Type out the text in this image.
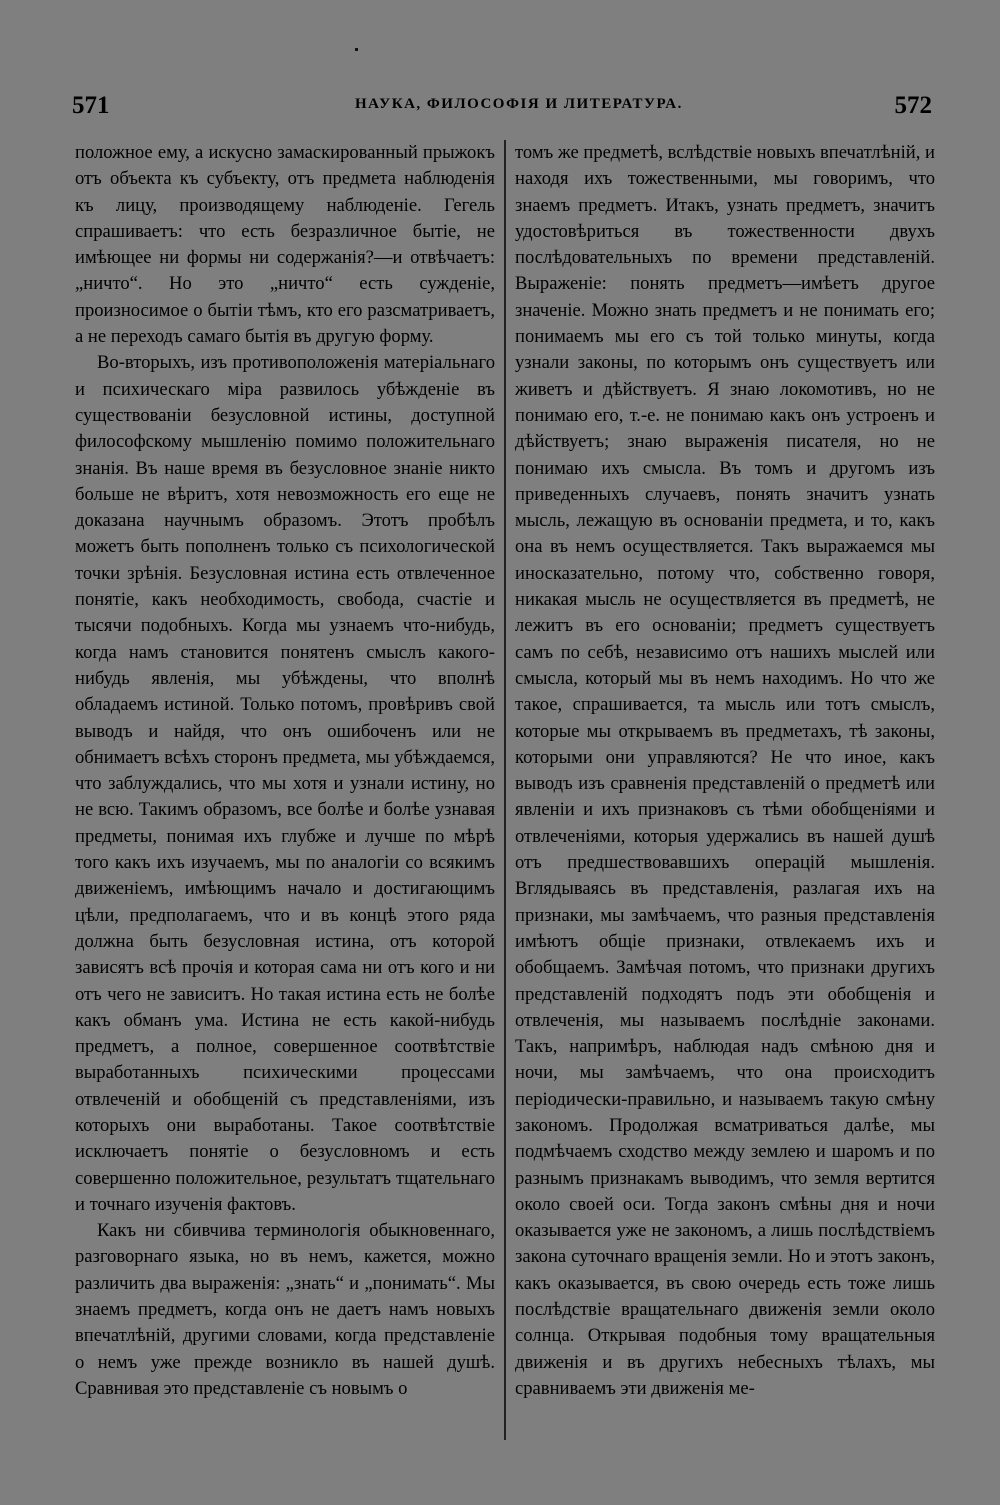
571	НАУКА, ФИЛОСОФІЯ И ЛИТЕРАТУРА.	572

положное ему, а искусно замаскированный прыжокъ отъ объекта къ субъекту, отъ предмета наблюденія къ лицу, производящему наблюденіе. Гегель спрашиваетъ: что есть безразличное бытіе, не имѣющее ни формы ни содержанія?—и отвѣчаетъ: „ничто“. Но это „ничто“ есть сужденіе, произносимое о бытіи тѣмъ, кто его разсматриваетъ, а не переходъ самаго бытія въ другую форму.

Во-вторыхъ, изъ противоположенія матеріальнаго и психическаго міра развилось убѣжденіе въ существованіи безусловной истины, доступной философскому мышленію помимо положительнаго знанія. Въ наше время въ безусловное знаніе никто больше не вѣритъ, хотя невозможность его еще не доказана научнымъ образомъ. Этотъ пробѣлъ можетъ быть пополненъ только съ психологической точки зрѣнія. Безусловная истина есть отвлеченное понятіе, какъ необходимость, свобода, счастіе и тысячи подобныхъ. Когда мы узнаемъ что-нибудь, когда намъ становится понятенъ смыслъ какого-нибудь явленія, мы убѣждены, что вполнѣ обладаемъ истиной. Только потомъ, провѣривъ свой выводъ и найдя, что онъ ошибоченъ или не обнимаетъ всѣхъ сторонъ предмета, мы убѣждаемся, что заблуждались, что мы хотя и узнали истину, но не всю. Такимъ образомъ, все болѣе и болѣе узнавая предметы, понимая ихъ глубже и лучше по мѣрѣ того какъ ихъ изучаемъ, мы по аналогіи со всякимъ движеніемъ, имѣющимъ начало и достигающимъ цѣли, предполагаемъ, что и въ концѣ этого ряда должна быть безусловная истина, отъ которой зависятъ всѣ прочія и которая сама ни отъ кого и ни отъ чего не зависитъ. Но такая истина есть не болѣе какъ обманъ ума. Истина не есть какой-нибудь предметъ, а полное, совершенное соотвѣтствіе выработанныхъ психическими процессами отвлеченій и обобщеній съ представленіями, изъ которыхъ они выработаны. Такое соотвѣтствіе исключаетъ понятіе о безусловномъ и есть совершенно положительное, результатъ тщательнаго и точнаго изученія фактовъ.

Какъ ни сбивчива терминологія обыкновеннаго, разговорнаго языка, но въ немъ, кажется, можно различить два выраженія: „знать“ и „понимать“. Мы знаемъ предметъ, когда онъ не даетъ намъ новыхъ впечатлѣній, другими словами, когда представленіе о немъ уже прежде возникло въ нашей душѣ. Сравнивая это представленіе съ новымъ о

томъ же предметѣ, вслѣдствіе новыхъ впечатлѣній, и находя ихъ тожественными, мы говоримъ, что знаемъ предметъ. Итакъ, узнать предметъ, значитъ удостовѣриться въ тожественности двухъ послѣдовательныхъ по времени представленій. Выраженіе: понять предметъ—имѣетъ другое значеніе. Можно знать предметъ и не понимать его; понимаемъ мы его съ той только минуты, когда узнали законы, по которымъ онъ существуетъ или живетъ и дѣйствуетъ. Я знаю локомотивъ, но не понимаю его, т.-е. не понимаю какъ онъ устроенъ и дѣйствуетъ; знаю выраженія писателя, но не понимаю ихъ смысла. Въ томъ и другомъ изъ приведенныхъ случаевъ, понять значитъ узнать мысль, лежащую въ основаніи предмета, и то, какъ она въ немъ осуществляется. Такъ выражаемся мы иносказательно, потому что, собственно говоря, никакая мысль не осуществляется въ предметѣ, не лежитъ въ его основаніи; предметъ существуетъ самъ по себѣ, независимо отъ нашихъ мыслей или смысла, который мы въ немъ находимъ. Но что же такое, спрашивается, та мысль или тотъ смыслъ, которые мы открываемъ въ предметахъ, тѣ законы, которыми они управляются? Не что иное, какъ выводъ изъ сравненія представленій о предметѣ или явленіи и ихъ признаковъ съ тѣми обобщеніями и отвлеченіями, которыя удержались въ нашей душѣ отъ предшествовавшихъ операцій мышленія. Вглядываясь въ представленія, разлагая ихъ на признаки, мы замѣчаемъ, что разныя представленія имѣютъ общіе признаки, отвлекаемъ ихъ и обобщаемъ. Замѣчая потомъ, что признаки другихъ представленій подходятъ подъ эти обобщенія и отвлеченія, мы называемъ послѣдніе законами. Такъ, напримѣръ, наблюдая надъ смѣною дня и ночи, мы замѣчаемъ, что она происходитъ періодически-правильно, и называемъ такую смѣну закономъ. Продолжая всматриваться далѣе, мы подмѣчаемъ сходство между землею и шаромъ и по разнымъ признакамъ выводимъ, что земля вертится около своей оси. Тогда законъ смѣны дня и ночи оказывается уже не закономъ, а лишь послѣдствіемъ закона суточнаго вращенія земли. Но и этотъ законъ, какъ оказывается, въ свою очередь есть тоже лишь послѣдствіе вращательнаго движенія земли около солнца. Открывая подобныя тому вращательныя движенія и въ другихъ небесныхъ тѣлахъ, мы сравниваемъ эти движенія ме-
